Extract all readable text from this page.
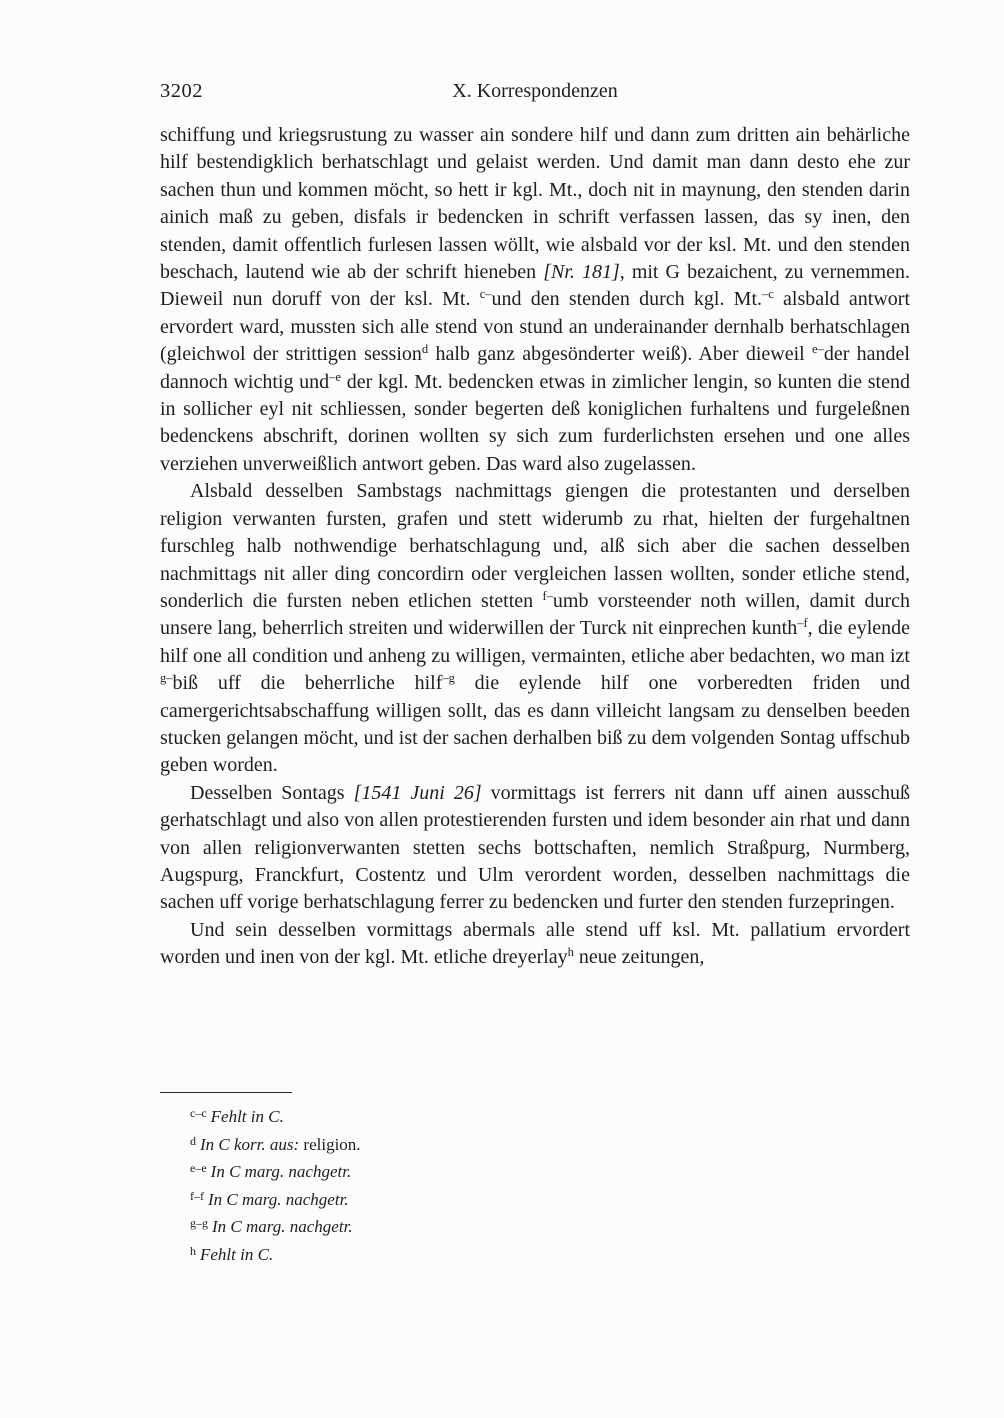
3202	X. Korrespondenzen

schiffung und kriegsrustung zu wasser ain sondere hilf und dann zum dritten ain behärliche hilf bestendigklich berhatschlagt und gelaist werden. Und damit man dann desto ehe zur sachen thun und kommen möcht, so hett ir kgl. Mt., doch nit in maynung, den stenden darin ainich maß zu geben, disfals ir bedencken in schrift verfassen lassen, das sy inen, den stenden, damit offentlich furlesen lassen wöllt, wie alsbald vor der ksl. Mt. und den stenden beschach, lautend wie ab der schrift hieneben [Nr. 181], mit G bezaichent, zu vernemmen. Dieweil nun doruff von der ksl. Mt. $^{c-}$und den stenden durch kgl. Mt.$^{-c}$ alsbald antwort ervordert ward, mussten sich alle stend von stund an underainander dernhalb berhatschlagen (gleichwol der strittigen session$^d$ halb ganz abgesönderter weiß). Aber dieweil $^{e-}$der handel dannoch wichtig und$^{-e}$ der kgl. Mt. bedencken etwas in zimlicher lengin, so kunten die stend in sollicher eyl nit schliessen, sonder begerten deß koniglichen furhaltens und furgeleßnen bedenckens abschrift, dorinen wollten sy sich zum furderlichsten ersehen und one alles verziehen unverweißlich antwort geben. Das ward also zugelassen.

Alsbald desselben Sambstags nachmittags giengen die protestanten und derselben religion verwanten fursten, grafen und stett widerumb zu rhat, hielten der furgehaltnen furschleg halb nothwendige berhatschlagung und, alß sich aber die sachen desselben nachmittags nit aller ding concordirn oder vergleichen lassen wollten, sonder etliche stend, sonderlich die fursten neben etlichen stetten $^{f-}$umb vorsteender noth willen, damit durch unsere lang, beherrlich streiten und widerwillen der Turck nit einprechen kunth$^{-f}$, die eylende hilf one all condition und anheng zu willigen, vermainten, etliche aber bedachten, wo man izt $^{g-}$biß uff die beherrliche hilf$^{-g}$ die eylende hilf one vorberedten friden und camergerichtsabschaffung willigen sollt, das es dann villeicht langsam zu denselben beeden stucken gelangen möcht, und ist der sachen derhalben biß zu dem volgenden Sontag uffschub geben worden.

Desselben Sontags [1541 Juni 26] vormittags ist ferrers nit dann uff ainen ausschuß gerhatschlagt und also von allen protestierenden fursten und idem besonder ain rhat und dann von allen religionverwanten stetten sechs bottschaften, nemlich Straßpurg, Nurmberg, Augspurg, Franckfurt, Costentz und Ulm verordent worden, desselben nachmittags die sachen uff vorige berhatschlagung ferrer zu bedencken und furter den stenden furzepringen.

Und sein desselben vormittags abermals alle stend uff ksl. Mt. pallatium ervordert worden und inen von der kgl. Mt. etliche dreyerlay$^h$ neue zeitungen,

$^{c-c}$ Fehlt in C.
$^d$ In C korr. aus: religion.
$^{e-e}$ In C marg. nachgetr.
$^{f-f}$ In C marg. nachgetr.
$^{g-g}$ In C marg. nachgetr.
$^h$ Fehlt in C.
